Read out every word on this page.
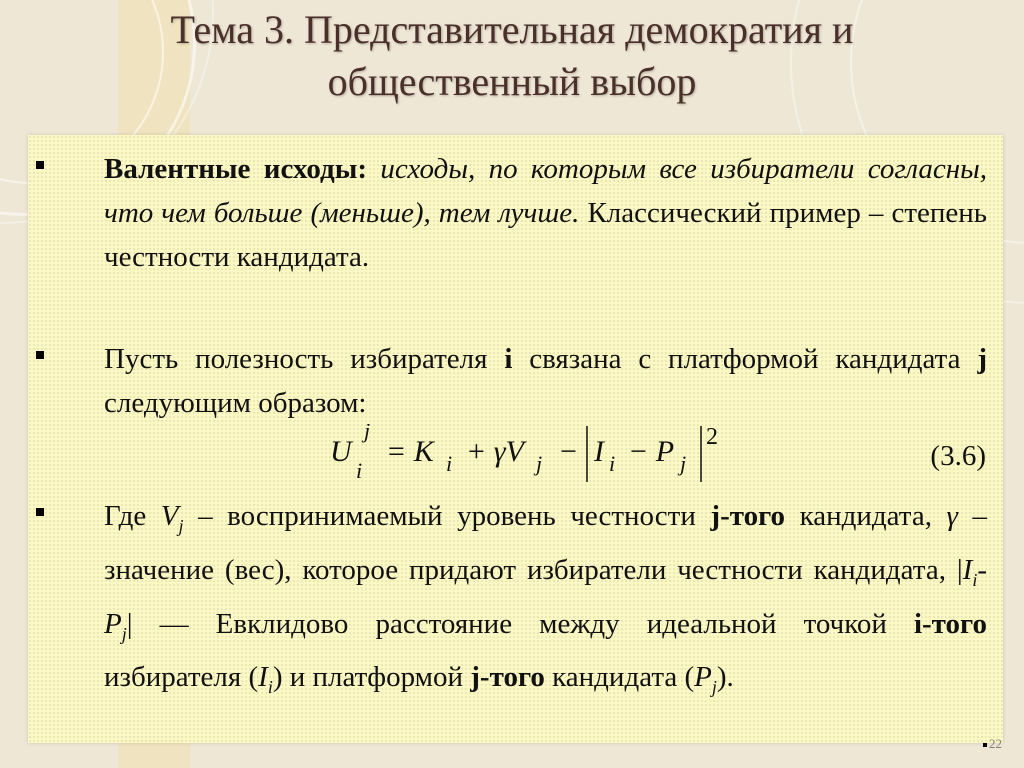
Тема 3. Представительная демократия и
общественный выбор
Валентные исходы: исходы, по которым все избиратели согласны, что чем больше (меньше), тем лучше. Классический пример – степень честности кандидата.
Пусть полезность избирателя i связана с платформой кандидата j следующим образом:
U
j
i
= K i + γV j − I i − P j
2
(3.6)
Где $V_j$ – воспринимаемый уровень честности j-того кандидата, γ – значение (вес), которое придают избиратели честности кандидата, $|I_i-P_j|$ — Евклидово расстояние между идеальной точкой i-того избирателя $(I_i)$ и платформой j-того кандидата $(P_j)$.
22
